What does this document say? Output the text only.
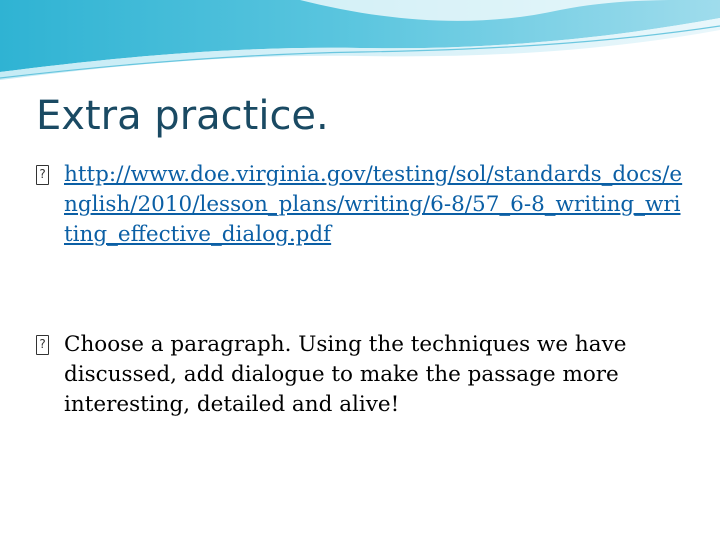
Extra practice.
?
http://www.doe.virginia.gov/testing/sol/standards_docs/english/2010/lesson_plans/writing/6-8/57_6-8_writing_writing_effective_dialog.pdf
?
Choose a paragraph. Using the techniques we have discussed, add dialogue to make the passage more interesting, detailed and alive!
